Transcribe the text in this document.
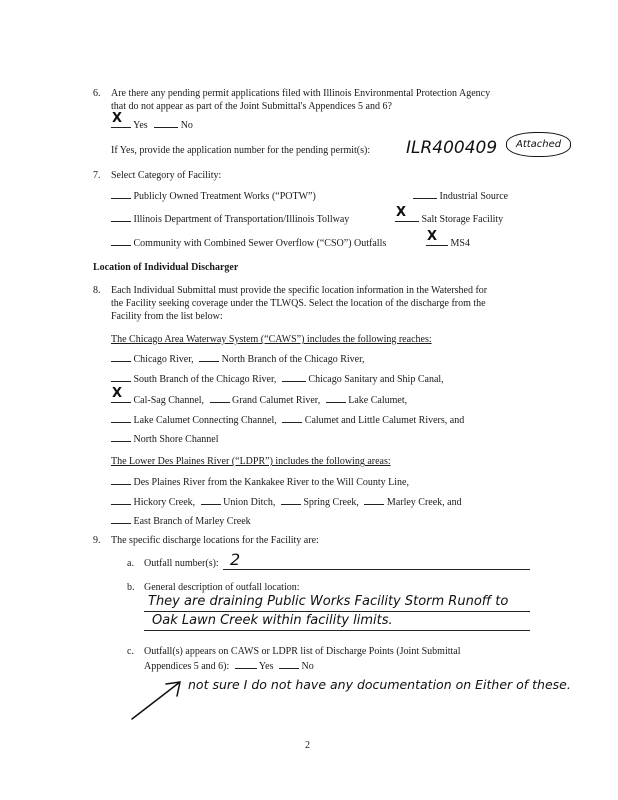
6. Are there any pending permit applications filed with Illinois Environmental Protection Agency
that do not appear as part of the Joint Submittal's Appendices 5 and 6?
X Yes	No
If Yes, provide the application number for the pending permit(s): ILR400409	Attached
7. Select Category of Facility:
Publicly Owned Treatment Works (“POTW”)	Industrial Source
Illinois Department of Transportation/Illinois Tollway	X Salt Storage Facility
Community with Combined Sewer Overflow (“CSO”) Outfalls	X MS4
Location of Individual Discharger
8. Each Individual Submittal must provide the specific location information in the Watershed for
the Facility seeking coverage under the TLWQS. Select the location of the discharge from the
Facility from the list below:
The Chicago Area Waterway System (“CAWS”) includes the following reaches:
Chicago River,	North Branch of the Chicago River,
South Branch of the Chicago River,	Chicago Sanitary and Ship Canal,
X Cal-Sag Channel,	Grand Calumet River,	Lake Calumet,
Lake Calumet Connecting Channel,	Calumet and Little Calumet Rivers, and
North Shore Channel
The Lower Des Plaines River (“LDPR”) includes the following areas:
Des Plaines River from the Kankakee River to the Will County Line,
Hickory Creek,	Union Ditch,	Spring Creek,	Marley Creek, and
East Branch of Marley Creek
9. The specific discharge locations for the Facility are:
a. Outfall number(s): 2
b. General description of outfall location:
They are draining Public Works Facility Storm Runoff to
Oak Lawn Creek within facility limits.
c. Outfall(s) appears on CAWS or LDPR list of Discharge Points (Joint Submittal
Appendices 5 and 6):	Yes	No
not sure I do not have any documentation on Either of these.
2
